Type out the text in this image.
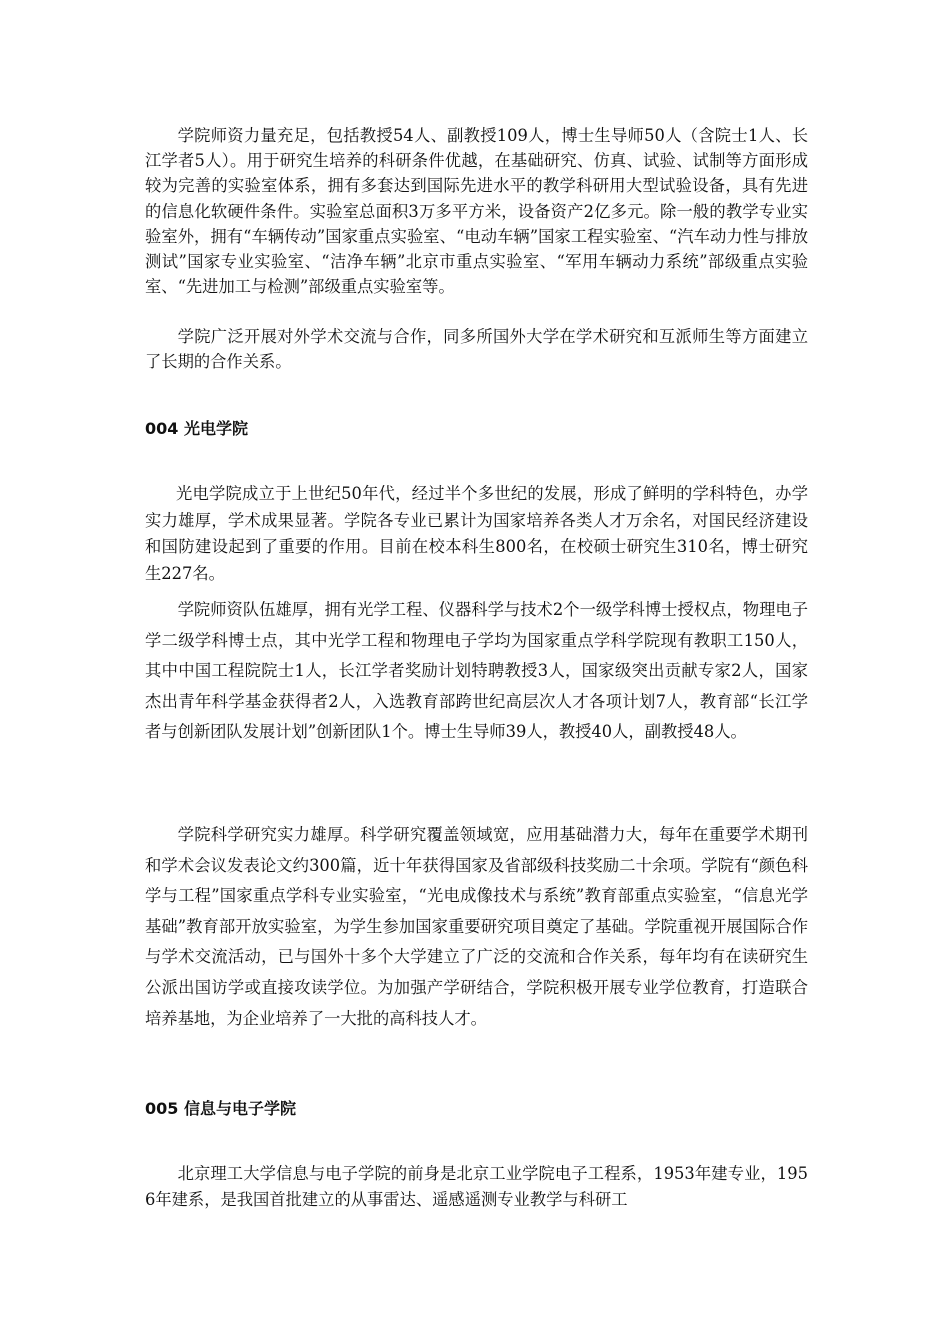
学院师资力量充足，包括教授54人、副教授109人，博士生导师50人（含院士1人、长江学者5人）。用于研究生培养的科研条件优越，在基础研究、仿真、试验、试制等方面形成较为完善的实验室体系，拥有多套达到国际先进水平的教学科研用大型试验设备，具有先进的信息化软硬件条件。实验室总面积3万多平方米，设备资产2亿多元。除一般的教学专业实验室外，拥有“车辆传动”国家重点实验室、“电动车辆”国家工程实验室、“汽车动力性与排放测试”国家专业实验室、“洁净车辆”北京市重点实验室、“军用车辆动力系统”部级重点实验室、“先进加工与检测”部级重点实验室等。

学院广泛开展对外学术交流与合作，同多所国外大学在学术研究和互派师生等方面建立了长期的合作关系。

004 光电学院

光电学院成立于上世纪50年代，经过半个多世纪的发展，形成了鲜明的学科特色，办学实力雄厚，学术成果显著。学院各专业已累计为国家培养各类人才万余名，对国民经济建设和国防建设起到了重要的作用。目前在校本科生800名，在校硕士研究生310名，博士研究生227名。

学院师资队伍雄厚，拥有光学工程、仪器科学与技术2个一级学科博士授权点，物理电子学二级学科博士点，其中光学工程和物理电子学均为国家重点学科学院现有教职工150人，其中中国工程院院士1人，长江学者奖励计划特聘教授3人，国家级突出贡献专家2人，国家杰出青年科学基金获得者2人，入选教育部跨世纪高层次人才各项计划7人，教育部“长江学者与创新团队发展计划”创新团队1个。博士生导师39人，教授40人，副教授48人。

学院科学研究实力雄厚。科学研究覆盖领域宽，应用基础潜力大，每年在重要学术期刊和学术会议发表论文约300篇，近十年获得国家及省部级科技奖励二十余项。学院有“颜色科学与工程”国家重点学科专业实验室，“光电成像技术与系统”教育部重点实验室，“信息光学基础”教育部开放实验室，为学生参加国家重要研究项目奠定了基础。学院重视开展国际合作与学术交流活动，已与国外十多个大学建立了广泛的交流和合作关系，每年均有在读研究生公派出国访学或直接攻读学位。为加强产学研结合，学院积极开展专业学位教育，打造联合培养基地，为企业培养了一大批的高科技人才。

005 信息与电子学院

北京理工大学信息与电子学院的前身是北京工业学院电子工程系，1953年建专业，1956年建系，是我国首批建立的从事雷达、遥感遥测专业教学与科研工
